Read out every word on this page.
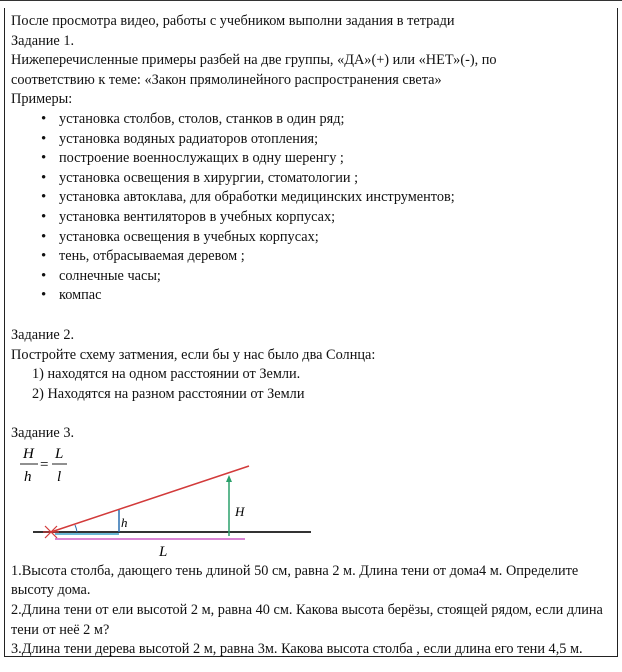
После просмотра видео, работы с учебником выполни задания в тетради

Задание 1.

Нижеперечисленные примеры разбей на две группы, «ДА»(+) или «НЕТ»(-), по

соответствию к теме: «Закон прямолинейного распространения света»

Примеры:

• установка столбов, столов, станков в один ряд;
• установка водяных радиаторов отопления;
• построение военнослужащих в одну шеренгу ;
• установка освещения в хирургии, стоматологии ;
• установка автоклава, для обработки медицинских инструментов;
• установка вентиляторов в учебных корпусах;
• установка освещения в учебных корпусах;
• тень, отбрасываемая деревом ;
• солнечные часы;
• компас

Задание 2.

Постройте схему затмения, если бы у нас было два Солнца:

1) находятся на одном расстоянии от Земли.

2) Находятся на разном расстоянии от Земли

Задание 3.

H
h
=
L
l
h
H
L

1.Высота столба, дающего тень длиной 50 см, равна 2 м. Длина тени от дома4 м. Определите высоту дома.

2.Длина тени от ели высотой 2 м, равна 40 см. Какова высота берёзы, стоящей рядом, если длина тени от неё 2 м?

3.Длина тени дерева высотой 2 м, равна 3м. Какова высота столба , если длина его тени 4,5 м.
